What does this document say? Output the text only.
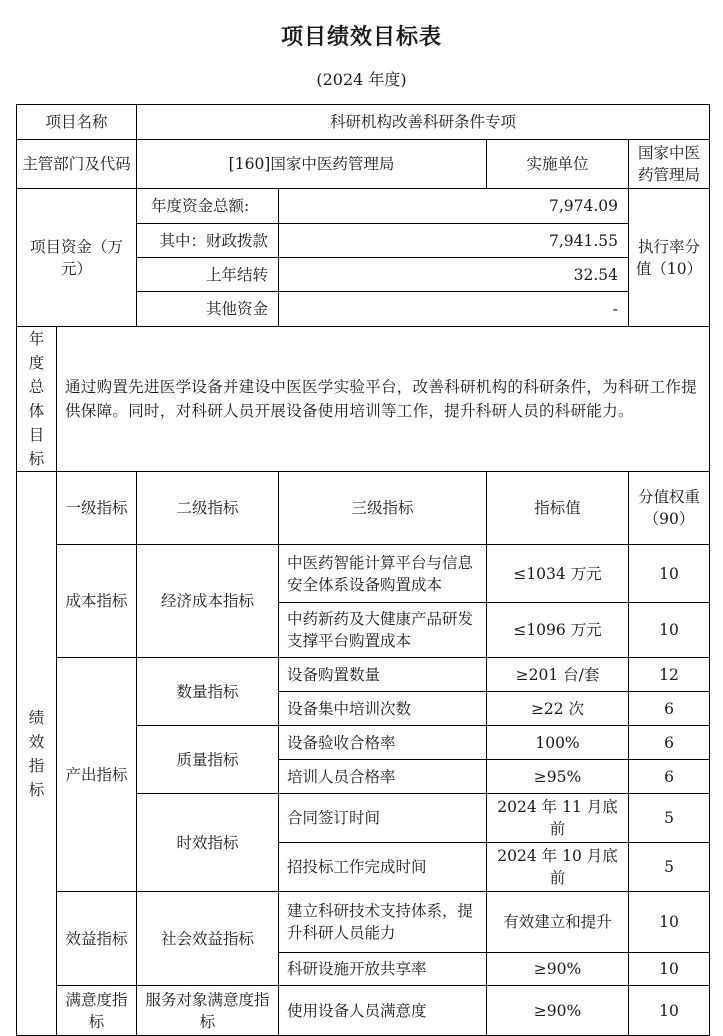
项目绩效目标表
(2024 年度)
项目名称		科研机构改善科研条件专项			
主管部门及代码		[160]国家中医药管理局		实施单位	国家中医药管理局
项目资金（万元）		年度资金总额:	7,974.09		执行率分值（10）
		其中：财政拨款	7,941.55		
		上年结转	32.54		
		其他资金	-		

年度总体目标	通过购置先进医学设备并建设中医医学实验平台，改善科研机构的科研条件，为科研工作提供保障。同时，对科研人员开展设备使用培训等工作，提升科研人员的科研能力。				

绩效指标	一级指标	二级指标	三级指标	指标值	分值权重（90）
	成本指标	经济成本指标	中医药智能计算平台与信息安全体系设备购置成本	≤1034 万元	10
			中药新药及大健康产品研发支撑平台购置成本	≤1096 万元	10
	产出指标	数量指标	设备购置数量	≥201 台/套	12
			设备集中培训次数	≥22 次	6
		质量指标	设备验收合格率	100%	6
			培训人员合格率	≥95%	6
		时效指标	合同签订时间	2024 年 11 月底前	5
			招投标工作完成时间	2024 年 10 月底前	5
	效益指标	社会效益指标	建立科研技术支持体系，提升科研人员能力	有效建立和提升	10
			科研设施开放共享率	≥90%	10
	满意度指标	服务对象满意度指标	使用设备人员满意度	≥90%	10
